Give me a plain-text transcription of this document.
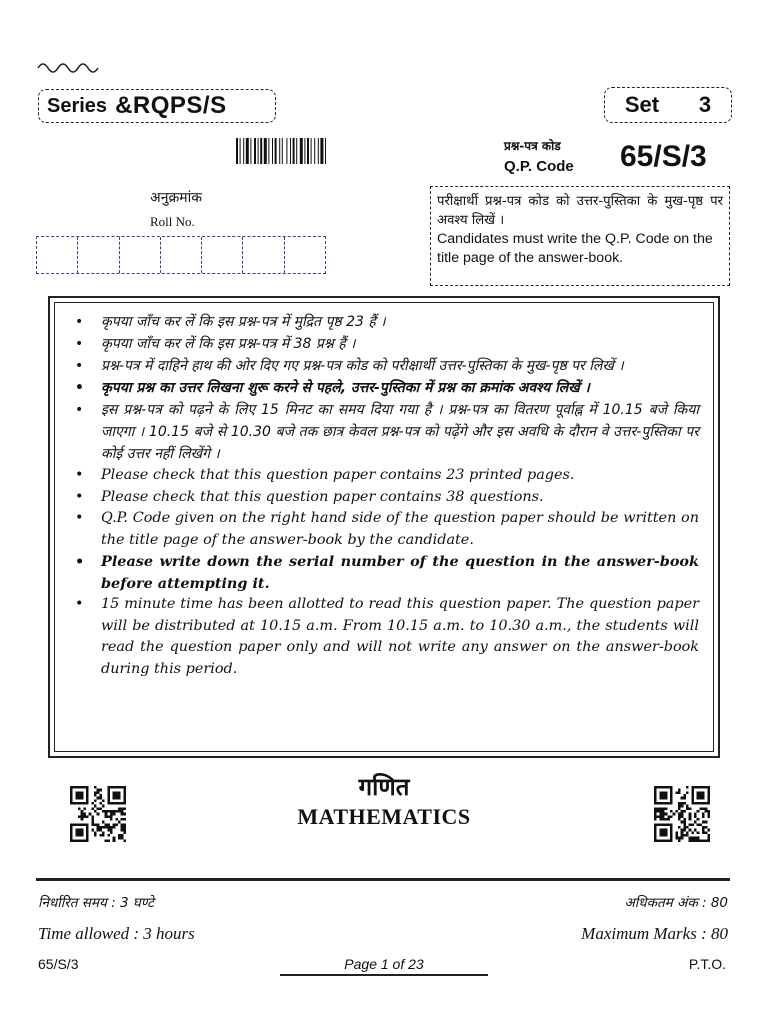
Series &RQPS/S	Set 3
प्रश्न-पत्र कोड
Q.P. Code 65/S/3
अनुक्रमांक
Roll No.
परीक्षार्थी प्रश्न-पत्र कोड को उत्तर-पुस्तिका के मुख-पृष्ठ पर अवश्य लिखें ।
Candidates must write the Q.P. Code on the title page of the answer-book.
• कृपया जाँच कर लें कि इस प्रश्न-पत्र में मुद्रित पृष्ठ 23 हैं ।
• कृपया जाँच कर लें कि इस प्रश्न-पत्र में 38 प्रश्न हैं ।
• प्रश्न-पत्र में दाहिने हाथ की ओर दिए गए प्रश्न-पत्र कोड को परीक्षार्थी उत्तर-पुस्तिका के मुख-पृष्ठ पर लिखें ।
• कृपया प्रश्न का उत्तर लिखना शुरू करने से पहले, उत्तर-पुस्तिका में प्रश्न का क्रमांक अवश्य लिखें ।
• इस प्रश्न-पत्र को पढ़ने के लिए 15 मिनट का समय दिया गया है । प्रश्न-पत्र का वितरण पूर्वाह्न में 10.15 बजे किया जाएगा । 10.15 बजे से 10.30 बजे तक छात्र केवल प्रश्न-पत्र को पढ़ेंगे और इस अवधि के दौरान वे उत्तर-पुस्तिका पर कोई उत्तर नहीं लिखेंगे ।
• Please check that this question paper contains 23 printed pages.
• Please check that this question paper contains 38 questions.
• Q.P. Code given on the right hand side of the question paper should be written on the title page of the answer-book by the candidate.
• Please write down the serial number of the question in the answer-book before attempting it.
• 15 minute time has been allotted to read this question paper. The question paper will be distributed at 10.15 a.m. From 10.15 a.m. to 10.30 a.m., the students will read the question paper only and will not write any answer on the answer-book during this period.
गणित
MATHEMATICS
निर्धारित समय : 3 घण्टे	अधिकतम अंक : 80
Time allowed : 3 hours	Maximum Marks : 80
65/S/3	Page 1 of 23	P.T.O.
